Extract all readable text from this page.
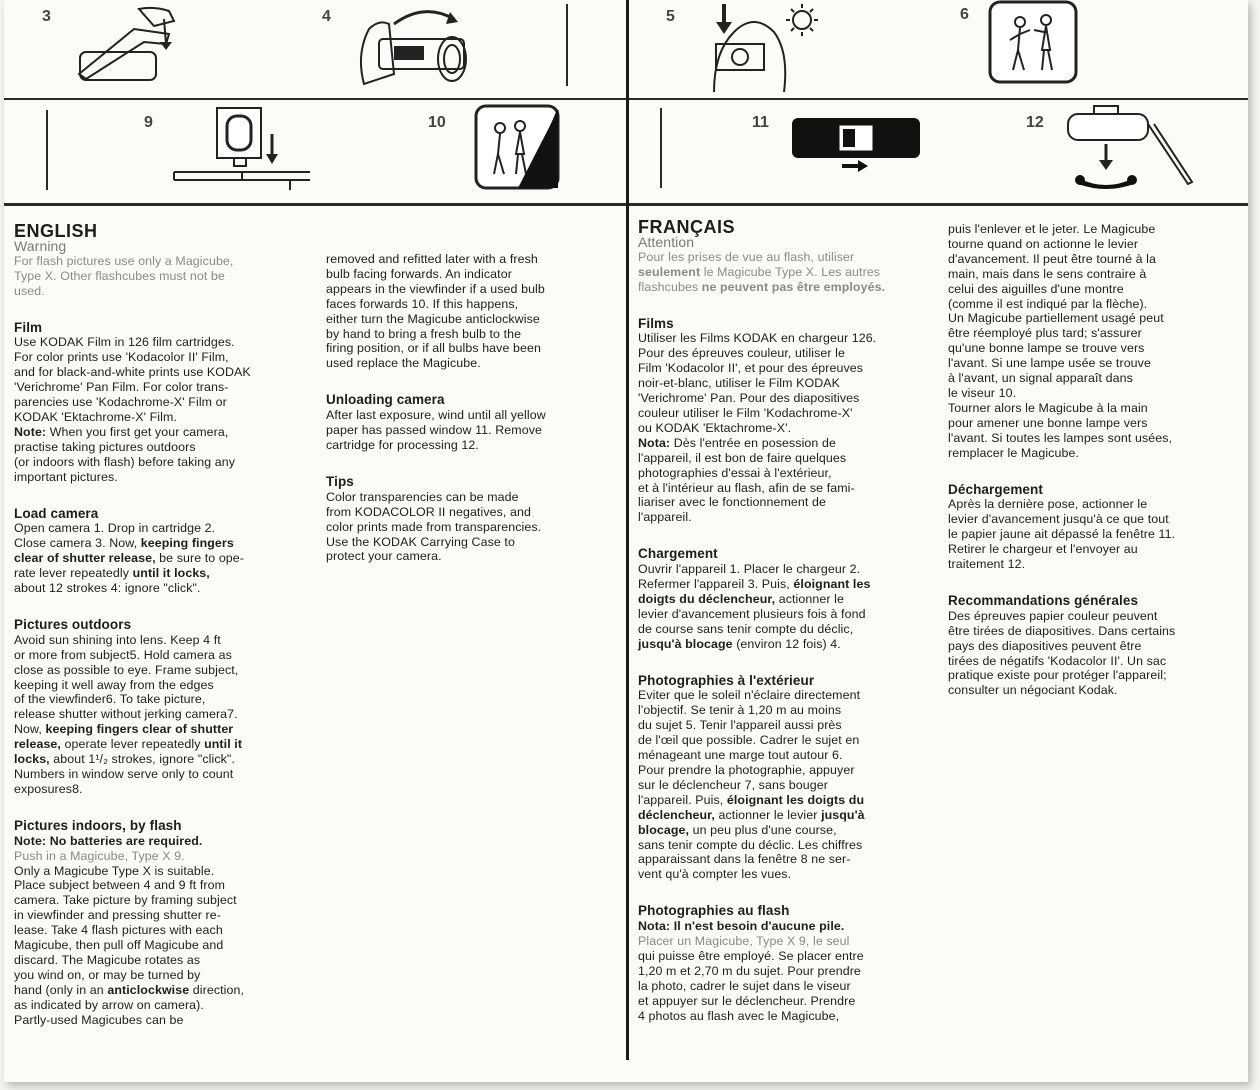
3	4	5	6
9	10	11	12

ENGLISH

Warning

For flash pictures use only a Magicube,

Type X. Other flashcubes must not be

used.

Film

Use KODAK Film in 126 film cartridges.

For color prints use 'Kodacolor II' Film,

and for black-and-white prints use KODAK

'Verichrome' Pan Film. For color trans-

parencies use 'Kodachrome-X' Film or

KODAK 'Ektachrome-X' Film.

Note: When you first get your camera,

practise taking pictures outdoors

(or indoors with flash) before taking any

important pictures.

Load camera

Open camera 1. Drop in cartridge 2.

Close camera 3. Now, keeping fingers

clear of shutter release, be sure to ope-

rate lever repeatedly until it locks,

about 12 strokes 4: ignore "click".

Pictures outdoors

Avoid sun shining into lens. Keep 4 ft

or more from subject5. Hold camera as

close as possible to eye. Frame subject,

keeping it well away from the edges

of the viewfinder6. To take picture,

release shutter without jerking camera7.

Now, keeping fingers clear of shutter

release, operate lever repeatedly until it

locks, about 1¹/₂ strokes, ignore "click".

Numbers in window serve only to count

exposures8.

Pictures indoors, by flash

Note: No batteries are required.

Push in a Magicube, Type X 9.

Only a Magicube Type X is suitable.

Place subject between 4 and 9 ft from

camera. Take picture by framing subject

in viewfinder and pressing shutter re-

lease. Take 4 flash pictures with each

Magicube, then pull off Magicube and

discard. The Magicube rotates as

you wind on, or may be turned by

hand (only in an anticlockwise direction,

as indicated by arrow on camera).

Partly-used Magicubes can be

removed and refitted later with a fresh

bulb facing forwards. An indicator

appears in the viewfinder if a used bulb

faces forwards 10. If this happens,

either turn the Magicube anticlockwise

by hand to bring a fresh bulb to the

firing position, or if all bulbs have been

used replace the Magicube.

Unloading camera

After last exposure, wind until all yellow

paper has passed window 11. Remove

cartridge for processing 12.

Tips

Color transparencies can be made

from KODACOLOR II negatives, and

color prints made from transparencies.

Use the KODAK Carrying Case to

protect your camera.

FRANÇAIS

Attention

Pour les prises de vue au flash, utiliser

seulement le Magicube Type X. Les autres

flashcubes ne peuvent pas être employés.

Films

Utiliser les Films KODAK en chargeur 126.

Pour des épreuves couleur, utiliser le

Film 'Kodacolor II', et pour des épreuves

noir-et-blanc, utiliser le Film KODAK

'Verichrome' Pan. Pour des diapositives

couleur utiliser le Film 'Kodachrome-X'

ou KODAK 'Ektachrome-X'.

Nota: Dès l'entrée en posession de

l'appareil, il est bon de faire quelques

photographies d'essai à l'extérieur,

et à l'intérieur au flash, afin de se fami-

liariser avec le fonctionnement de

l'appareil.

Chargement

Ouvrir l'appareil 1. Placer le chargeur 2.

Refermer l'appareil 3. Puis, éloignant les

doigts du déclencheur, actionner le

levier d'avancement plusieurs fois à fond

de course sans tenir compte du déclic,

jusqu'à blocage (environ 12 fois) 4.

Photographies à l'extérieur

Eviter que le soleil n'éclaire directement

l'objectif. Se tenir à 1,20 m au moins

du sujet 5. Tenir l'appareil aussi près

de l'œil que possible. Cadrer le sujet en

ménageant une marge tout autour 6.

Pour prendre la photographie, appuyer

sur le déclencheur 7, sans bouger

l'appareil. Puis, éloignant les doigts du

déclencheur, actionner le levier jusqu'à

blocage, un peu plus d'une course,

sans tenir compte du déclic. Les chiffres

apparaissant dans la fenêtre 8 ne ser-

vent qu'à compter les vues.

Photographies au flash

Nota: Il n'est besoin d'aucune pile.

Placer un Magicube, Type X 9, le seul

qui puisse être employé. Se placer entre

1,20 m et 2,70 m du sujet. Pour prendre

la photo, cadrer le sujet dans le viseur

et appuyer sur le déclencheur. Prendre

4 photos au flash avec le Magicube,

puis l'enlever et le jeter. Le Magicube

tourne quand on actionne le levier

d'avancement. Il peut être tourné à la

main, mais dans le sens contraire à

celui des aiguilles d'une montre

(comme il est indiqué par la flèche).

Un Magicube partiellement usagé peut

être réemployé plus tard; s'assurer

qu'une bonne lampe se trouve vers

l'avant. Si une lampe usée se trouve

à l'avant, un signal apparaît dans

le viseur 10.

Tourner alors le Magicube à la main

pour amener une bonne lampe vers

l'avant. Si toutes les lampes sont usées,

remplacer le Magicube.

Déchargement

Après la dernière pose, actionner le

levier d'avancement jusqu'à ce que tout

le papier jaune ait dépassé la fenêtre 11.

Retirer le chargeur et l'envoyer au

traitement 12.

Recommandations générales

Des épreuves papier couleur peuvent

être tirées de diapositives. Dans certains

pays des diapositives peuvent être

tirées de négatifs 'Kodacolor II'. Un sac

pratique existe pour protéger l'appareil;

consulter un négociant Kodak.
